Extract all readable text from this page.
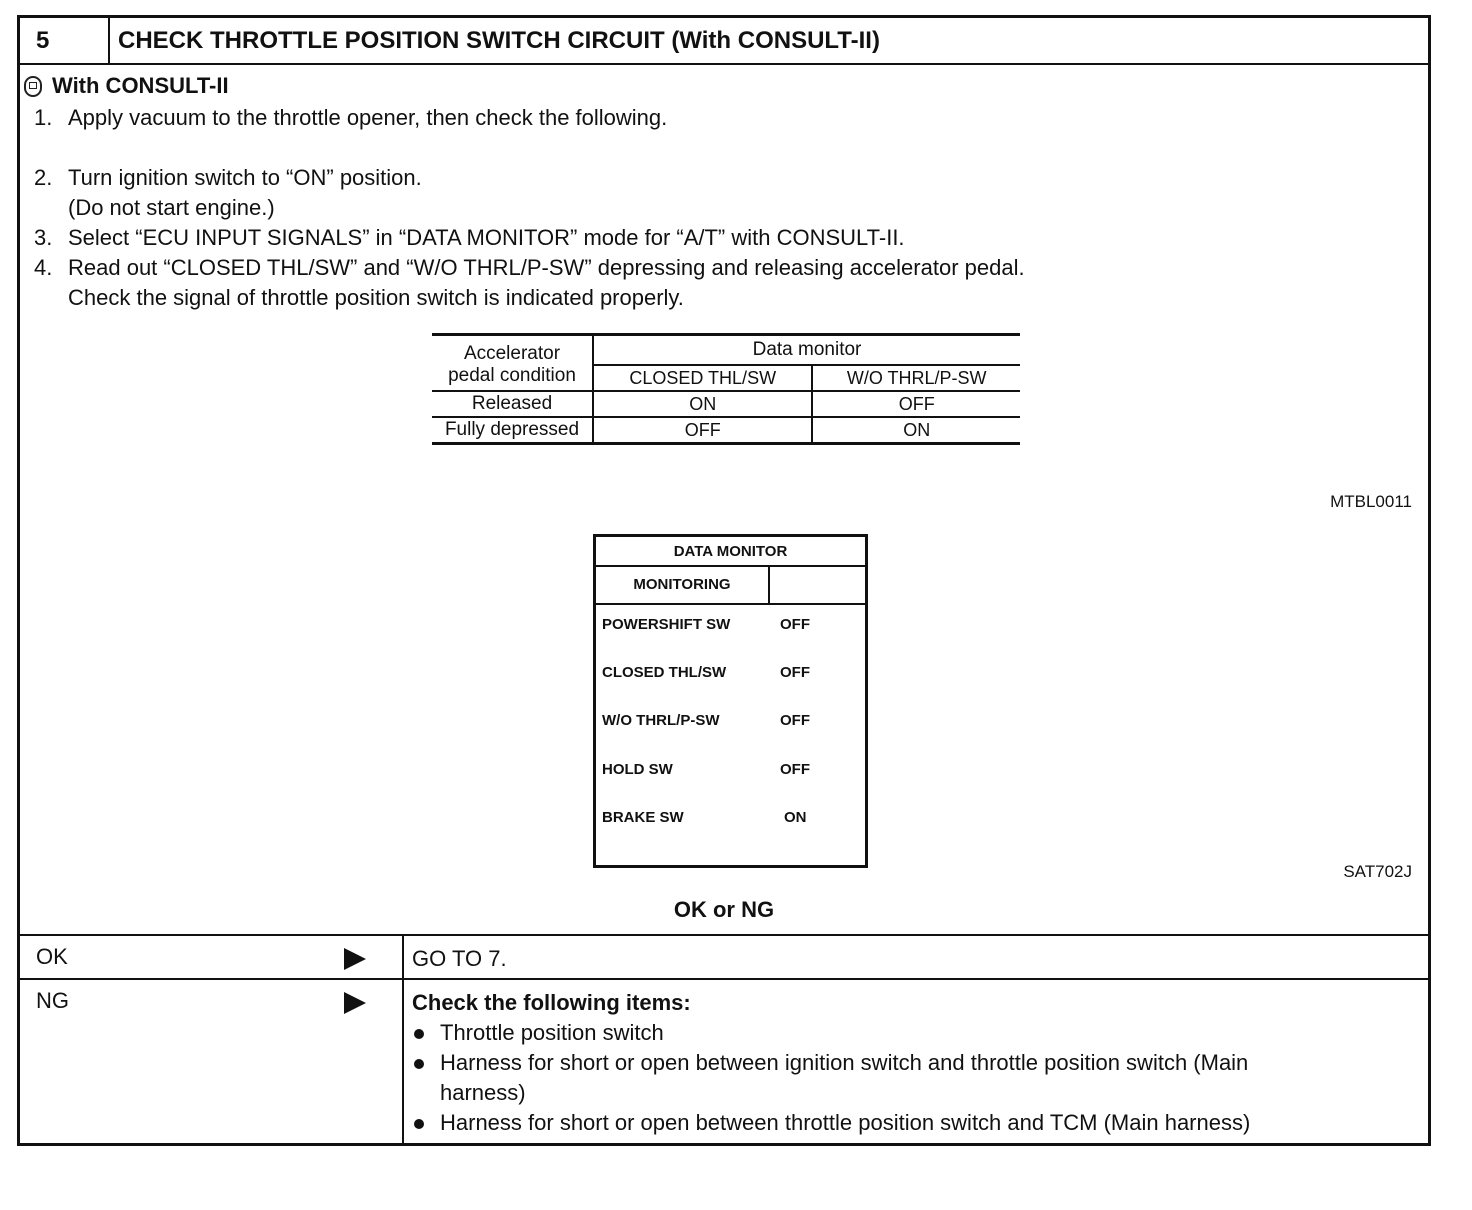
5	CHECK THROTTLE POSITION SWITCH CIRCUIT (With CONSULT-II)
With CONSULT-II
1. Apply vacuum to the throttle opener, then check the following.
2. Turn ignition switch to “ON” position.
(Do not start engine.)
3. Select “ECU INPUT SIGNALS” in “DATA MONITOR” mode for “A/T” with CONSULT-II.
4. Read out “CLOSED THL/SW” and “W/O THRL/P-SW” depressing and releasing accelerator pedal.
Check the signal of throttle position switch is indicated properly.
Accelerator
pedal condition	Data monitor	
	CLOSED THL/SW	W/O THRL/P-SW
Released	ON	OFF
Fully depressed	OFF	ON
MTBL0011
DATA MONITOR
MONITORING
POWERSHIFT SW	OFF
CLOSED THL/SW	OFF
W/O THRL/P-SW	OFF
HOLD SW	OFF
BRAKE SW	ON
SAT702J
OK or NG
OK	GO TO 7.
NG	Check the following items:
Throttle position switch
Harness for short or open between ignition switch and throttle position switch (Main
harness)
Harness for short or open between throttle position switch and TCM (Main harness)
